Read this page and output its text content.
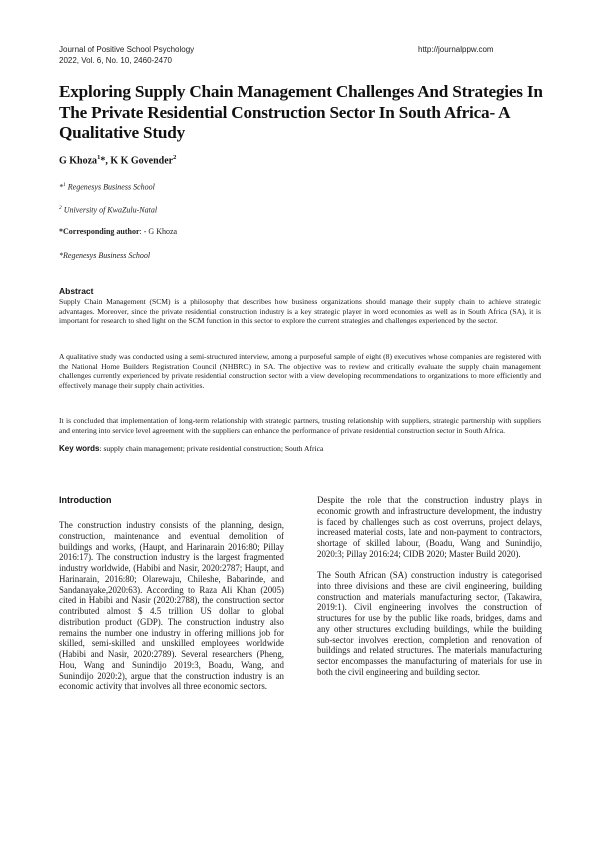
Journal of Positive School Psychology
2022, Vol. 6, No. 10, 2460-2470
http://journalppw.com
Exploring Supply Chain Management Challenges And Strategies In The Private Residential Construction Sector In South Africa- A Qualitative Study
G Khoza$^1$*, K K Govender$^2$
*$^1$ Regenesys Business School
$^2$ University of KwaZulu-Natal
*Corresponding author: - G Khoza
*Regenesys Business School
Abstract
Supply Chain Management (SCM) is a philosophy that describes how business organizations should manage their supply chain to achieve strategic advantages. Moreover, since the private residential construction industry is a key strategic player in word economies as well as in South Africa (SA), it is important for research to shed light on the SCM function in this sector to explore the current strategies and challenges experienced by the sector.
A qualitative study was conducted using a semi-structured interview, among a purposeful sample of eight (8) executives whose companies are registered with the National Home Builders Registration Council (NHBRC) in SA. The objective was to review and critically evaluate the supply chain management challenges currently experienced by private residential construction sector with a view developing recommendations to organizations to more efficiently and effectively manage their supply chain activities.
It is concluded that implementation of long-term relationship with strategic partners, trusting relationship with suppliers, strategic partnership with suppliers and entering into service level agreement with the suppliers can enhance the performance of private residential construction sector in South Africa.
Key words: supply chain management; private residential construction; South Africa
Introduction

The construction industry consists of the planning, design, construction, maintenance and eventual demolition of buildings and works, (Haupt, and Harinarain 2016:80; Pillay 2016:17). The construction industry is the largest fragmented industry worldwide, (Habibi and Nasir, 2020:2787; Haupt, and Harinarain, 2016:80; Olarewaju, Chileshe, Babarinde, and Sandanayake,2020:63). According to Raza Ali Khan (2005) cited in Habibi and Nasir (2020:2788), the construction sector contributed almost $ 4.5 trillion US dollar to global distribution product (GDP). The construction industry also remains the number one industry in offering millions job for skilled, semi-skilled and unskilled employees worldwide (Habibi and Nasir, 2020:2789). Several researchers (Pheng, Hou, Wang and Sunindijo 2019:3, Boadu, Wang, and Sunindijo 2020:2), argue that the construction industry is an economic activity that involves all three economic sectors.

Despite the role that the construction industry plays in economic growth and infrastructure development, the industry is faced by challenges such as cost overruns, project delays, increased material costs, late and non-payment to contractors, shortage of skilled labour, (Boadu, Wang and Sunindijo, 2020:3; Pillay 2016:24; CIDB 2020; Master Build 2020).

The South African (SA) construction industry is categorised into three divisions and these are civil engineering, building construction and materials manufacturing sector, (Takawira, 2019:1). Civil engineering involves the construction of structures for use by the public like roads, bridges, dams and any other structures excluding buildings, while the building sub-sector involves erection, completion and renovation of buildings and related structures. The materials manufacturing sector encompasses the manufacturing of materials for use in both the civil engineering and building sector.
